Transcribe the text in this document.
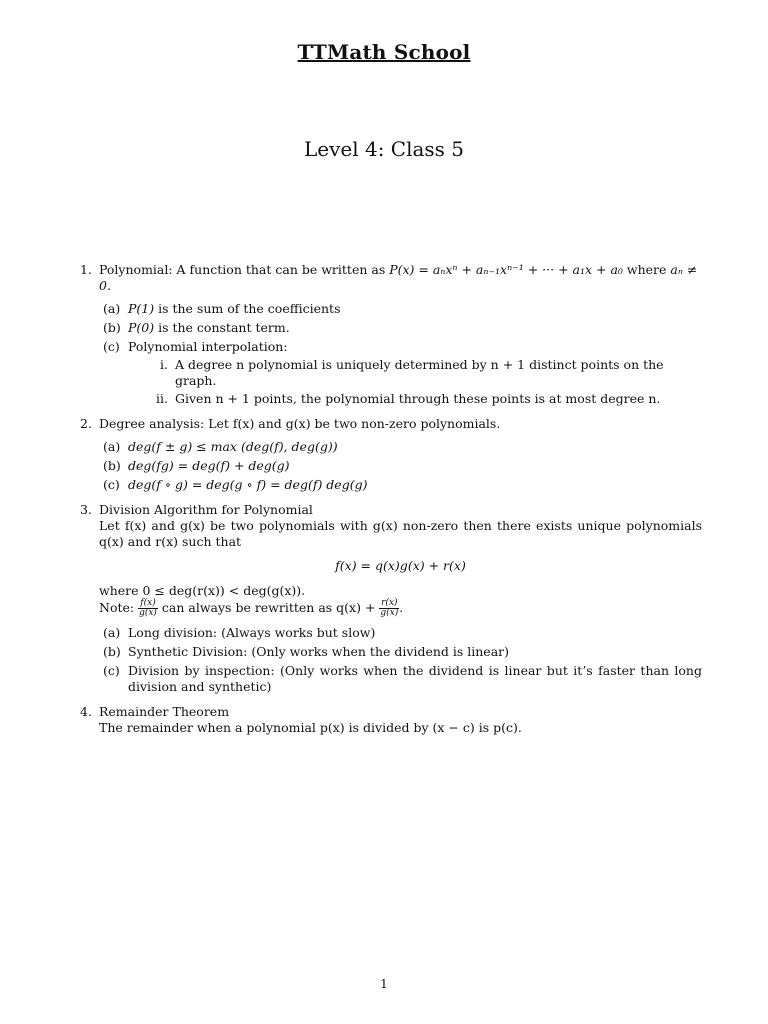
TTMath School
Level 4: Class 5
1. Polynomial: A function that can be written as P(x) = aₙxⁿ + aₙ₋₁xⁿ⁻¹ + ··· + a₁x + a₀ where aₙ ≠ 0.
(a) P(1) is the sum of the coefficients
(b) P(0) is the constant term.
(c) Polynomial interpolation:
i. A degree n polynomial is uniquely determined by n + 1 distinct points on the graph.
ii. Given n + 1 points, the polynomial through these points is at most degree n.
2. Degree analysis: Let f(x) and g(x) be two non-zero polynomials.
(a) deg(f ± g) ≤ max (deg(f), deg(g))
(b) deg(fg) = deg(f) + deg(g)
(c) deg(f ∘ g) = deg(g ∘ f) = deg(f) deg(g)
3. Division Algorithm for Polynomial
Let f(x) and g(x) be two polynomials with g(x) non-zero then there exists unique polynomials q(x) and r(x) such that
f(x) = q(x)g(x) + r(x)
where 0 ≤ deg(r(x)) < deg(g(x)).
Note: $\frac{f(x)}{g(x)}$ can always be rewritten as $q(x) + \frac{r(x)}{g(x)}$ .
(a) Long division: (Always works but slow)
(b) Synthetic Division: (Only works when the dividend is linear)
(c) Division by inspection: (Only works when the dividend is linear but it’s faster than long division and synthetic)
4. Remainder Theorem
The remainder when a polynomial p(x) is divided by (x − c) is p(c).
1
